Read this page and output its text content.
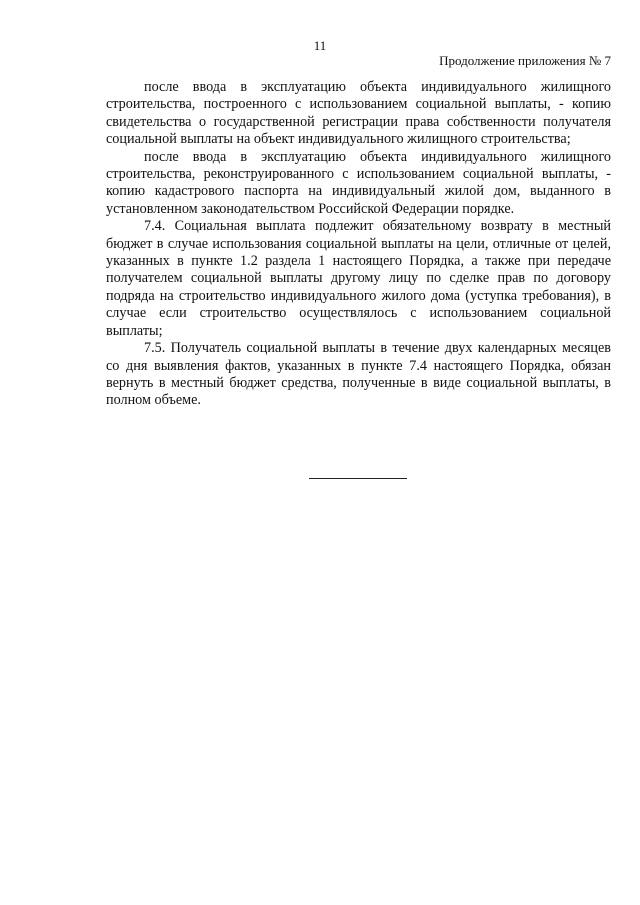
11
Продолжение приложения № 7

после ввода в эксплуатацию объекта индивидуального жилищного строительства, построенного с использованием социальной выплаты, - копию свидетельства о государственной регистрации права собственности получателя социальной выплаты на объект индивидуального жилищного строительства;

после ввода в эксплуатацию объекта индивидуального жилищного строительства, реконструированного с использованием социальной выплаты, - копию кадастрового паспорта на индивидуальный жилой дом, выданного в установленном законодательством Российской Федерации порядке.

7.4. Социальная выплата подлежит обязательному возврату в местный бюджет в случае использования социальной выплаты на цели, отличные от целей, указанных в пункте 1.2 раздела 1 настоящего Порядка, а также при передаче получателем социальной выплаты другому лицу по сделке прав по договору подряда на строительство индивидуального жилого дома (уступка требования), в случае если строительство осуществлялось с использованием социальной выплаты;

7.5. Получатель социальной выплаты в течение двух календарных месяцев со дня выявления фактов, указанных в пункте 7.4 настоящего Порядка, обязан вернуть в местный бюджет средства, полученные в виде социальной выплаты, в полном объеме.
